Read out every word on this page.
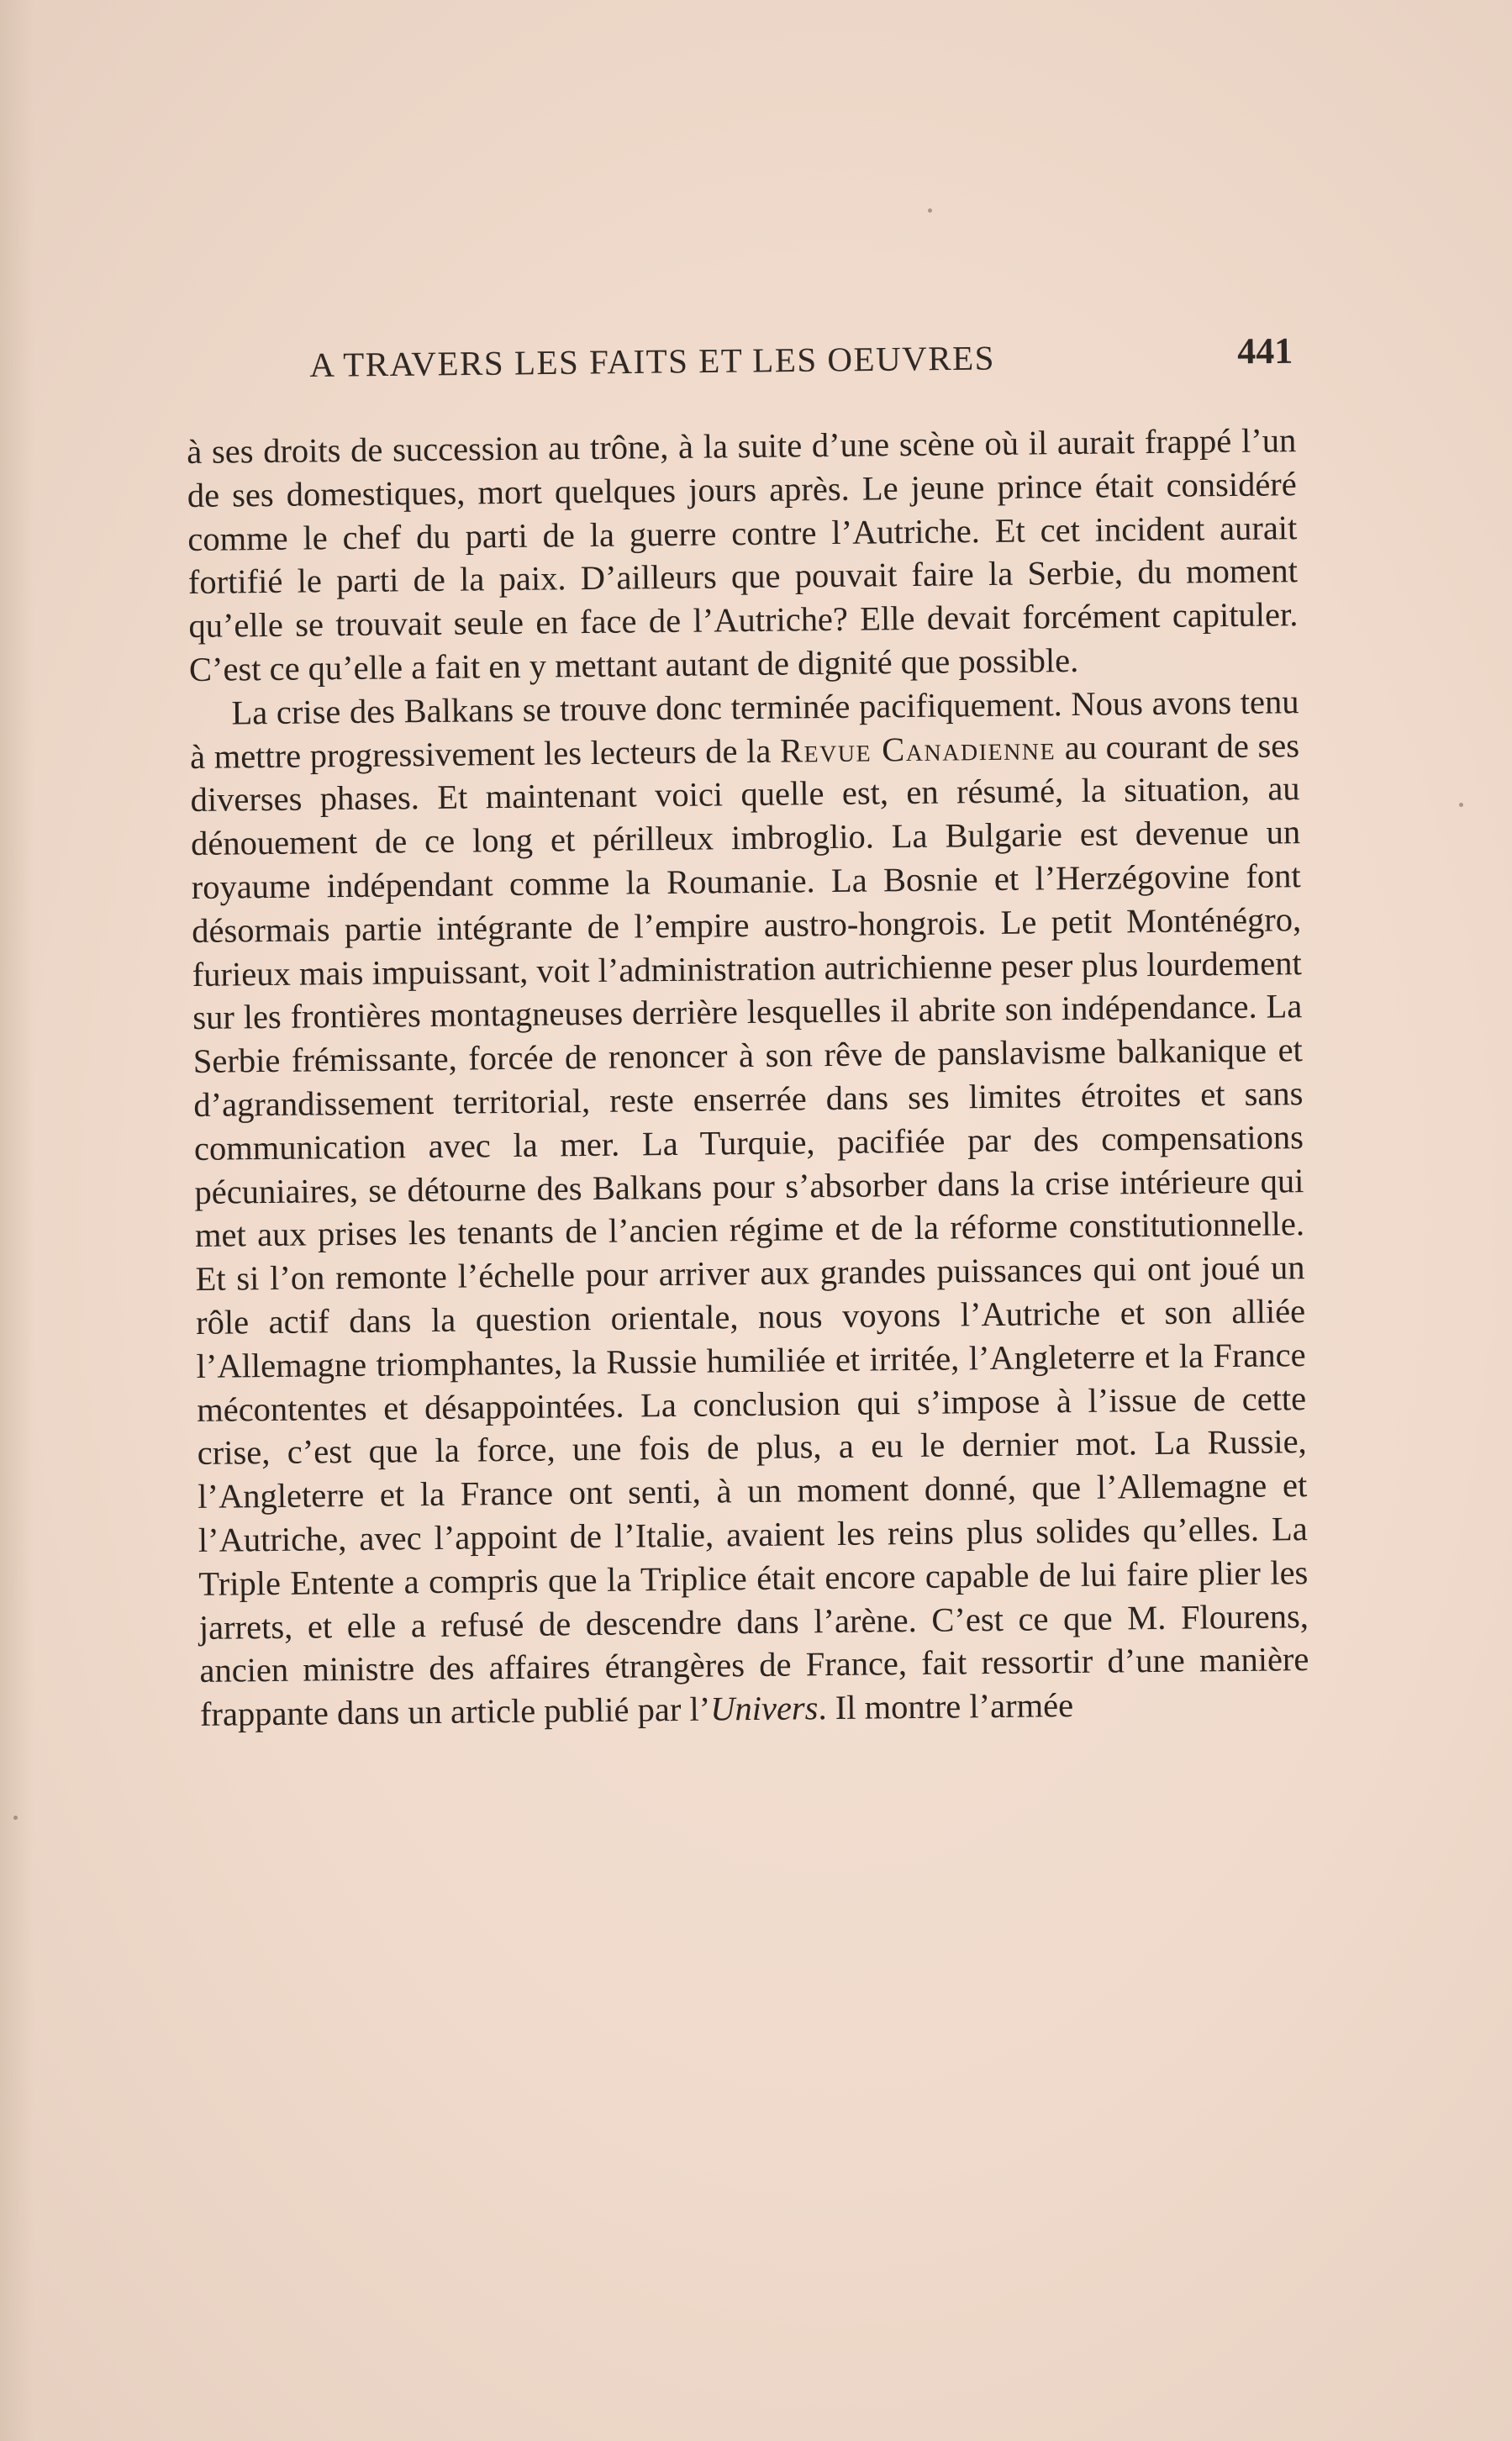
A TRAVERS LES FAITS ET LES OEUVRES	441

à ses droits de succession au trône, à la suite d’une scène où il aurait frappé l’un de ses domestiques, mort quelques jours après. Le jeune prince était considéré comme le chef du parti de la guerre contre l’Autriche. Et cet incident aurait fortifié le parti de la paix. D’ailleurs que pouvait faire la Serbie, du moment qu’elle se trouvait seule en face de l’Autriche? Elle devait forcément capituler. C’est ce qu’elle a fait en y mettant autant de dignité que possible.

La crise des Balkans se trouve donc terminée pacifiquement. Nous avons tenu à mettre progressivement les lecteurs de la Revue Canadienne au courant de ses diverses phases. Et maintenant voici quelle est, en résumé, la situation, au dénouement de ce long et périlleux imbroglio. La Bulgarie est devenue un royaume indépendant comme la Roumanie. La Bosnie et l’Herzégovine font désormais partie intégrante de l’empire austro-hongrois. Le petit Monténégro, furieux mais impuissant, voit l’administration autrichienne peser plus lourdement sur les frontières montagneuses derrière lesquelles il abrite son indépendance. La Serbie frémissante, forcée de renoncer à son rêve de panslavisme balkanique et d’agrandissement territorial, reste enserrée dans ses limites étroites et sans communication avec la mer. La Turquie, pacifiée par des compensations pécuniaires, se détourne des Balkans pour s’absorber dans la crise intérieure qui met aux prises les tenants de l’ancien régime et de la réforme constitutionnelle. Et si l’on remonte l’échelle pour arriver aux grandes puissances qui ont joué un rôle actif dans la question orientale, nous voyons l’Autriche et son alliée l’Allemagne triomphantes, la Russie humiliée et irritée, l’Angleterre et la France mécontentes et désappointées. La conclusion qui s’impose à l’issue de cette crise, c’est que la force, une fois de plus, a eu le dernier mot. La Russie, l’Angleterre et la France ont senti, à un moment donné, que l’Allemagne et l’Autriche, avec l’appoint de l’Italie, avaient les reins plus solides qu’elles. La Triple Entente a compris que la Triplice était encore capable de lui faire plier les jarrets, et elle a refusé de descendre dans l’arène. C’est ce que M. Flourens, ancien ministre des affaires étrangères de France, fait ressortir d’une manière frappante dans un article publié par l’Univers. Il montre l’armée
